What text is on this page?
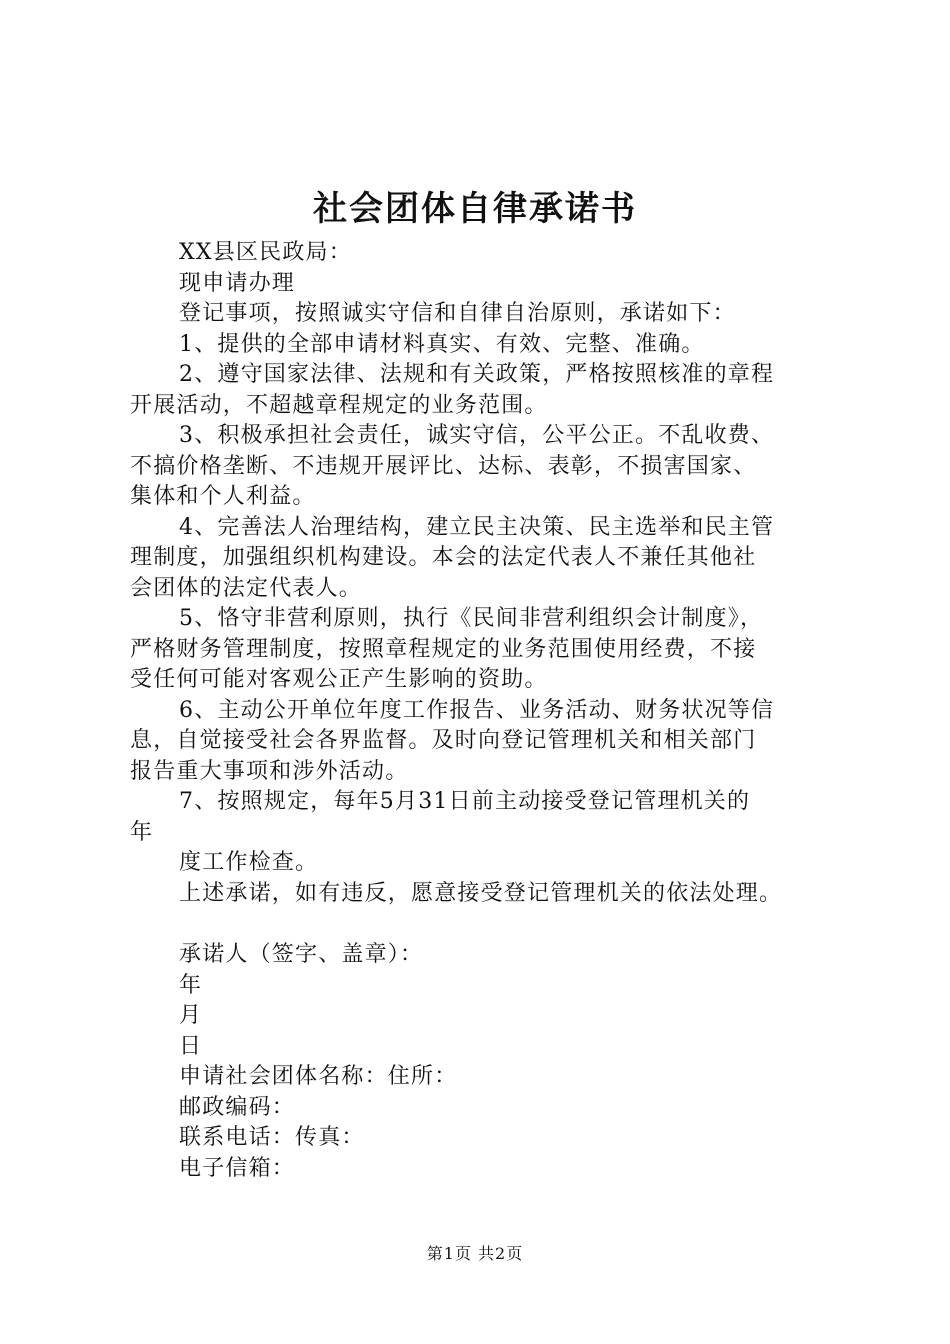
社会团体自律承诺书
XX县区民政局：
现申请办理
登记事项，按照诚实守信和自律自治原则，承诺如下：
1、提供的全部申请材料真实、有效、完整、准确。
2、遵守国家法律、法规和有关政策，严格按照核准的章程
开展活动，不超越章程规定的业务范围。
3、积极承担社会责任，诚实守信，公平公正。不乱收费、
不搞价格垄断、不违规开展评比、达标、表彰，不损害国家、
集体和个人利益。
4、完善法人治理结构，建立民主决策、民主选举和民主管
理制度，加强组织机构建设。本会的法定代表人不兼任其他社
会团体的法定代表人。
5、恪守非营利原则，执行《民间非营利组织会计制度》，
严格财务管理制度，按照章程规定的业务范围使用经费，不接
受任何可能对客观公正产生影响的资助。
6、主动公开单位年度工作报告、业务活动、财务状况等信
息，自觉接受社会各界监督。及时向登记管理机关和相关部门
报告重大事项和涉外活动。
7、按照规定，每年5月31日前主动接受登记管理机关的
年
度工作检查。
上述承诺，如有违反，愿意接受登记管理机关的依法处理。
承诺人（签字、盖章）：
年
月
日
申请社会团体名称：住所：
邮政编码：
联系电话：传真：
电子信箱：
第1页 共2页
